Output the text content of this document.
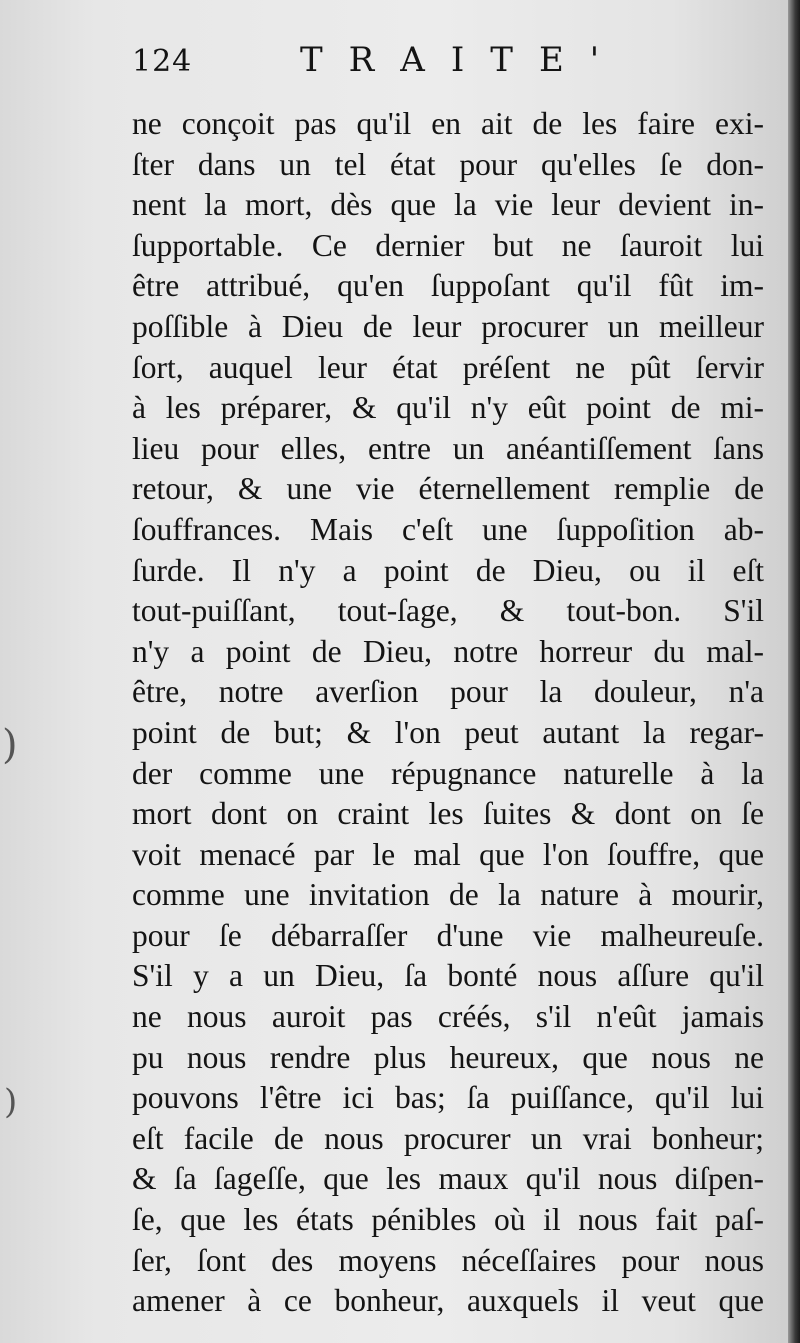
124	TRAITE'
ne conçoit pas qu'il en ait de les faire exi-
ſter dans un tel état pour qu'elles ſe don-
nent la mort, dès que la vie leur devient in-
ſupportable. Ce dernier but ne ſauroit lui
être attribué, qu'en ſuppoſant qu'il fût im-
poſſible à Dieu de leur procurer un meilleur
ſort, auquel leur état préſent ne pût ſervir
à les préparer, & qu'il n'y eût point de mi-
lieu pour elles, entre un anéantiſſement ſans
retour, & une vie éternellement remplie de
ſouffrances. Mais c'eſt une ſuppoſition ab-
ſurde. Il n'y a point de Dieu, ou il eſt
tout-puiſſant, tout-ſage, & tout-bon. S'il
n'y a point de Dieu, notre horreur du mal-
être, notre averſion pour la douleur, n'a
point de but; & l'on peut autant la regar-
der comme une répugnance naturelle à la
mort dont on craint les ſuites & dont on ſe
voit menacé par le mal que l'on ſouffre, que
comme une invitation de la nature à mourir,
pour ſe débarraſſer d'une vie malheureuſe.
S'il y a un Dieu, ſa bonté nous aſſure qu'il
ne nous auroit pas créés, s'il n'eût jamais
pu nous rendre plus heureux, que nous ne
pouvons l'être ici bas; ſa puiſſance, qu'il lui
eſt facile de nous procurer un vrai bonheur;
& ſa ſageſſe, que les maux qu'il nous diſpen-
ſe, que les états pénibles où il nous fait paſ-
ſer, ſont des moyens néceſſaires pour nous
amener à ce bonheur, auxquels il veut que
)
)
